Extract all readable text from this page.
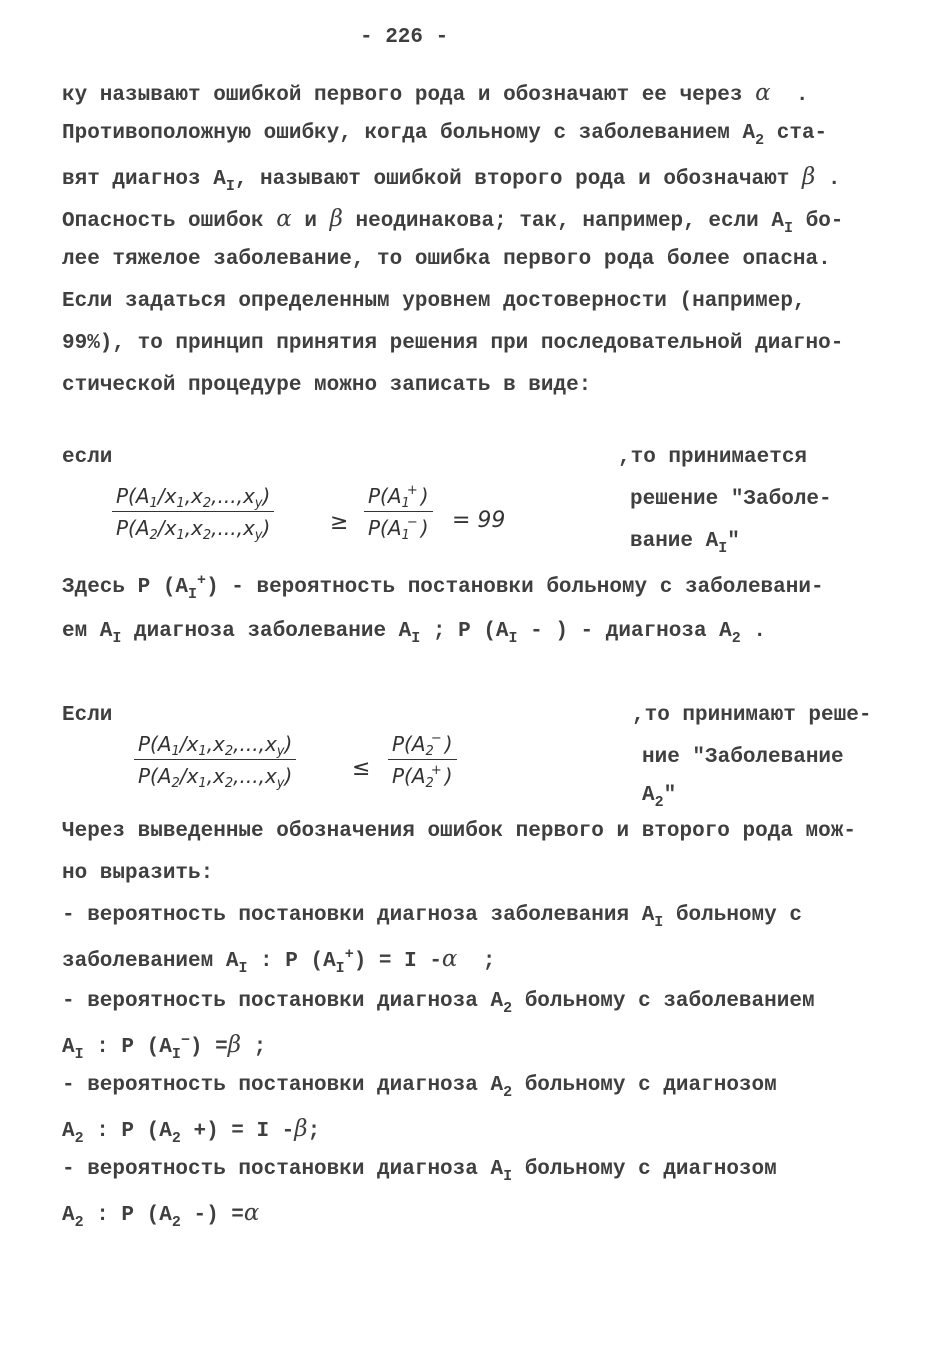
- 226 -
ку называют ошибкой первого рода и обозначают ее через α .
Противоположную ошибку, когда больному с заболеванием $А_2$ ста-
вят диагноз $А_I$, называют ошибкой второго рода и обозначают β .
Опасность ошибок α и β неодинакова; так, например, если $А_I$ бо-
лее тяжелое заболевание, то ошибка первого рода более опасна.
Если задаться определенным уровнем достоверности (например,
99%), то принцип принятия решения при последовательной диагно-
стической процедуре можно записать в виде:
если
$\frac{P(A_1/x_1,x_2,...,x_y)}{P(A_2/x_1,x_2,...,x_y)}$	≥ $\frac{P(A_1^+ )}{P(A_1^- )} = 99$
,то принимается
решение "Заболе-
вание $А_I$"
Здесь Р $(А_I^+)$ - вероятность постановки больному с заболевани-
ем $А_I$ диагноза заболевание $А_I$ ; Р ($А_I$ - ) - диагноза $А_2$ .
Если
$\frac{P(A_1/x_1,x_2,...,x_y)}{P(A_2/x_1,x_2,...,x_y)}$	≤ $\frac{P(A_2^- )}{P(A_2^+ )}$
,то принимают реше-
ние "Заболевание
$А_2$"
Через выведенные обозначения ошибок первого и второго рода мож-
но выразить:
- вероятность постановки диагноза заболевания $А_I$ больному с
заболеванием $А_I$ : Р $(А_I^+) = I$ -α ;
- вероятность постановки диагноза $А_2$ больному с заболеванием
$А_I$ : Р $(А_I^-) =\beta$ ;
- вероятность постановки диагноза $А_2$ больному с диагнозом
$А_2$ : Р ($А_2$ +) = I -β;
- вероятность постановки диагноза $А_I$ больному с диагнозом
$А_2$ : Р ($А_2$ -) =α
